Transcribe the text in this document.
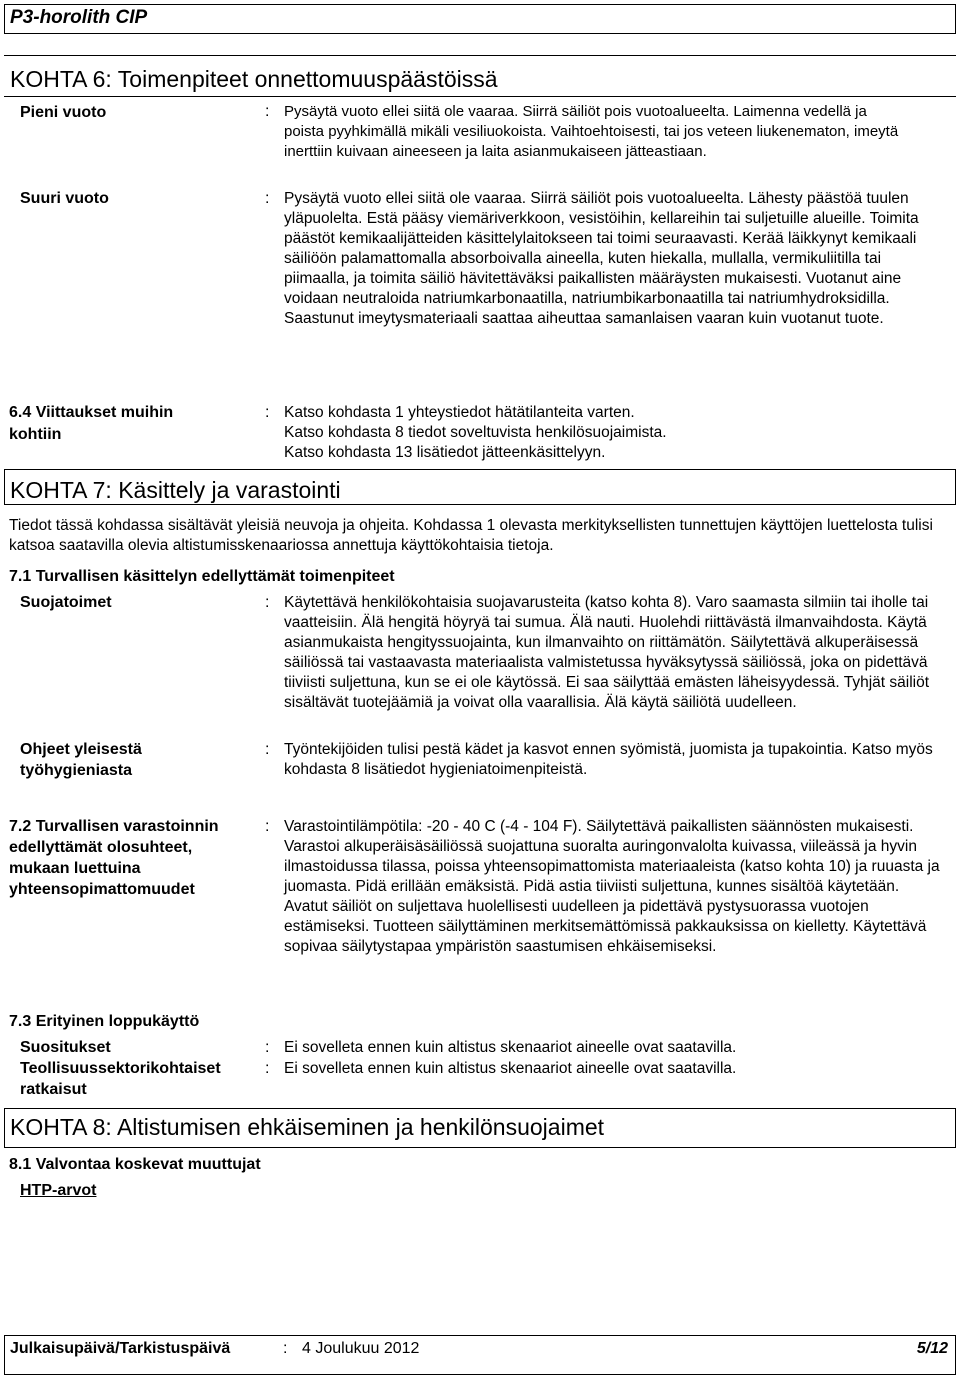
P3-horolith CIP
KOHTA 6: Toimenpiteet onnettomuuspäästöissä
Pieni vuoto	: Pysäytä vuoto ellei siitä ole vaaraa. Siirrä säiliöt pois vuotoalueelta. Laimenna vedellä ja poista pyyhkimällä mikäli vesiliuokoista. Vaihtoehtoisesti, tai jos veteen liukenematon, imeytä inerttiin kuivaan aineeseen ja laita asianmukaiseen jätteastiaan.
Suuri vuoto	: Pysäytä vuoto ellei siitä ole vaaraa. Siirrä säiliöt pois vuotoalueelta. Lähesty päästöä tuulen yläpuolelta. Estä pääsy viemäriverkkoon, vesistöihin, kellareihin tai suljetuille alueille. Toimita päästöt kemikaalijätteiden käsittelylaitokseen tai toimi seuraavasti. Kerää läikkynyt kemikaali säiliöön palamattomalla absorboivalla aineella, kuten hiekalla, mullalla, vermikuliitilla tai piimaalla, ja toimita säiliö hävitettäväksi paikallisten määräysten mukaisesti. Vuotanut aine voidaan neutraloida natriumkarbonaatilla, natriumbikarbonaatilla tai natriumhydroksidilla. Saastunut imeytysmateriaali saattaa aiheuttaa samanlaisen vaaran kuin vuotanut tuote.
6.4 Viittaukset muihin
kohtiin
: Katso kohdasta 1 yhteystiedot hätätilanteita varten.
Katso kohdasta 8 tiedot soveltuvista henkilösuojaimista.
Katso kohdasta 13 lisätiedot jätteenkäsittelyyn.
KOHTA 7: Käsittely ja varastointi
Tiedot tässä kohdassa sisältävät yleisiä neuvoja ja ohjeita. Kohdassa 1 olevasta merkityksellisten tunnettujen käyttöjen luettelosta tulisi katsoa saatavilla olevia altistumisskenaariossa annettuja käyttökohtaisia tietoja.
7.1 Turvallisen käsittelyn edellyttämät toimenpiteet
Suojatoimet	: Käytettävä henkilökohtaisia suojavarusteita (katso kohta 8). Varo saamasta silmiin tai iholle tai vaatteisiin. Älä hengitä höyryä tai sumua. Älä nauti. Huolehdi riittävästä ilmanvaihdosta. Käytä asianmukaista hengityssuojainta, kun ilmanvaihto on riittämätön. Säilytettävä alkuperäisessä säiliössä tai vastaavasta materiaalista valmistetussa hyväksytyssä säiliössä, joka on pidettävä tiiviisti suljettuna, kun se ei ole käytössä. Ei saa säilyttää emästen läheisyydessä. Tyhjät säiliöt sisältävät tuotejäämiä ja voivat olla vaarallisia. Älä käytä säiliötä uudelleen.
Ohjeet yleisestä
työhygieniasta
: Työntekijöiden tulisi pestä kädet ja kasvot ennen syömistä, juomista ja tupakointia. Katso myös kohdasta 8 lisätiedot hygieniatoimenpiteistä.
7.2 Turvallisen varastoinnin
edellyttämät olosuhteet,
mukaan luettuina
yhteensopimattomuudet
: Varastointilämpötila: -20 - 40 C (-4 - 104 F). Säilytettävä paikallisten säännösten mukaisesti. Varastoi alkuperäisäsäiliössä suojattuna suoralta auringonvalolta kuivassa, viileässä ja hyvin ilmastoidussa tilassa, poissa yhteensopimattomista materiaaleista (katso kohta 10) ja ruuasta ja juomasta. Pidä erillään emäksistä. Pidä astia tiiviisti suljettuna, kunnes sisältöä käytetään. Avatut säiliöt on suljettava huolellisesti uudelleen ja pidettävä pystysuorassa vuotojen estämiseksi. Tuotteen säilyttäminen merkitsemättömissä pakkauksissa on kielletty. Käytettävä sopivaa säilytystapaa ympäristön saastumisen ehkäisemiseksi.
7.3 Erityinen loppukäyttö
Suositukset	: Ei sovelleta ennen kuin altistus skenaariot aineelle ovat saatavilla.
Teollisuussektorikohtaiset
ratkaisut
: Ei sovelleta ennen kuin altistus skenaariot aineelle ovat saatavilla.
KOHTA 8: Altistumisen ehkäiseminen ja henkilönsuojaimet
8.1 Valvontaa koskevat muuttujat
HTP-arvot
Julkaisupäivä/Tarkistuspäivä	: 4 Joulukuu 2012	5/12
